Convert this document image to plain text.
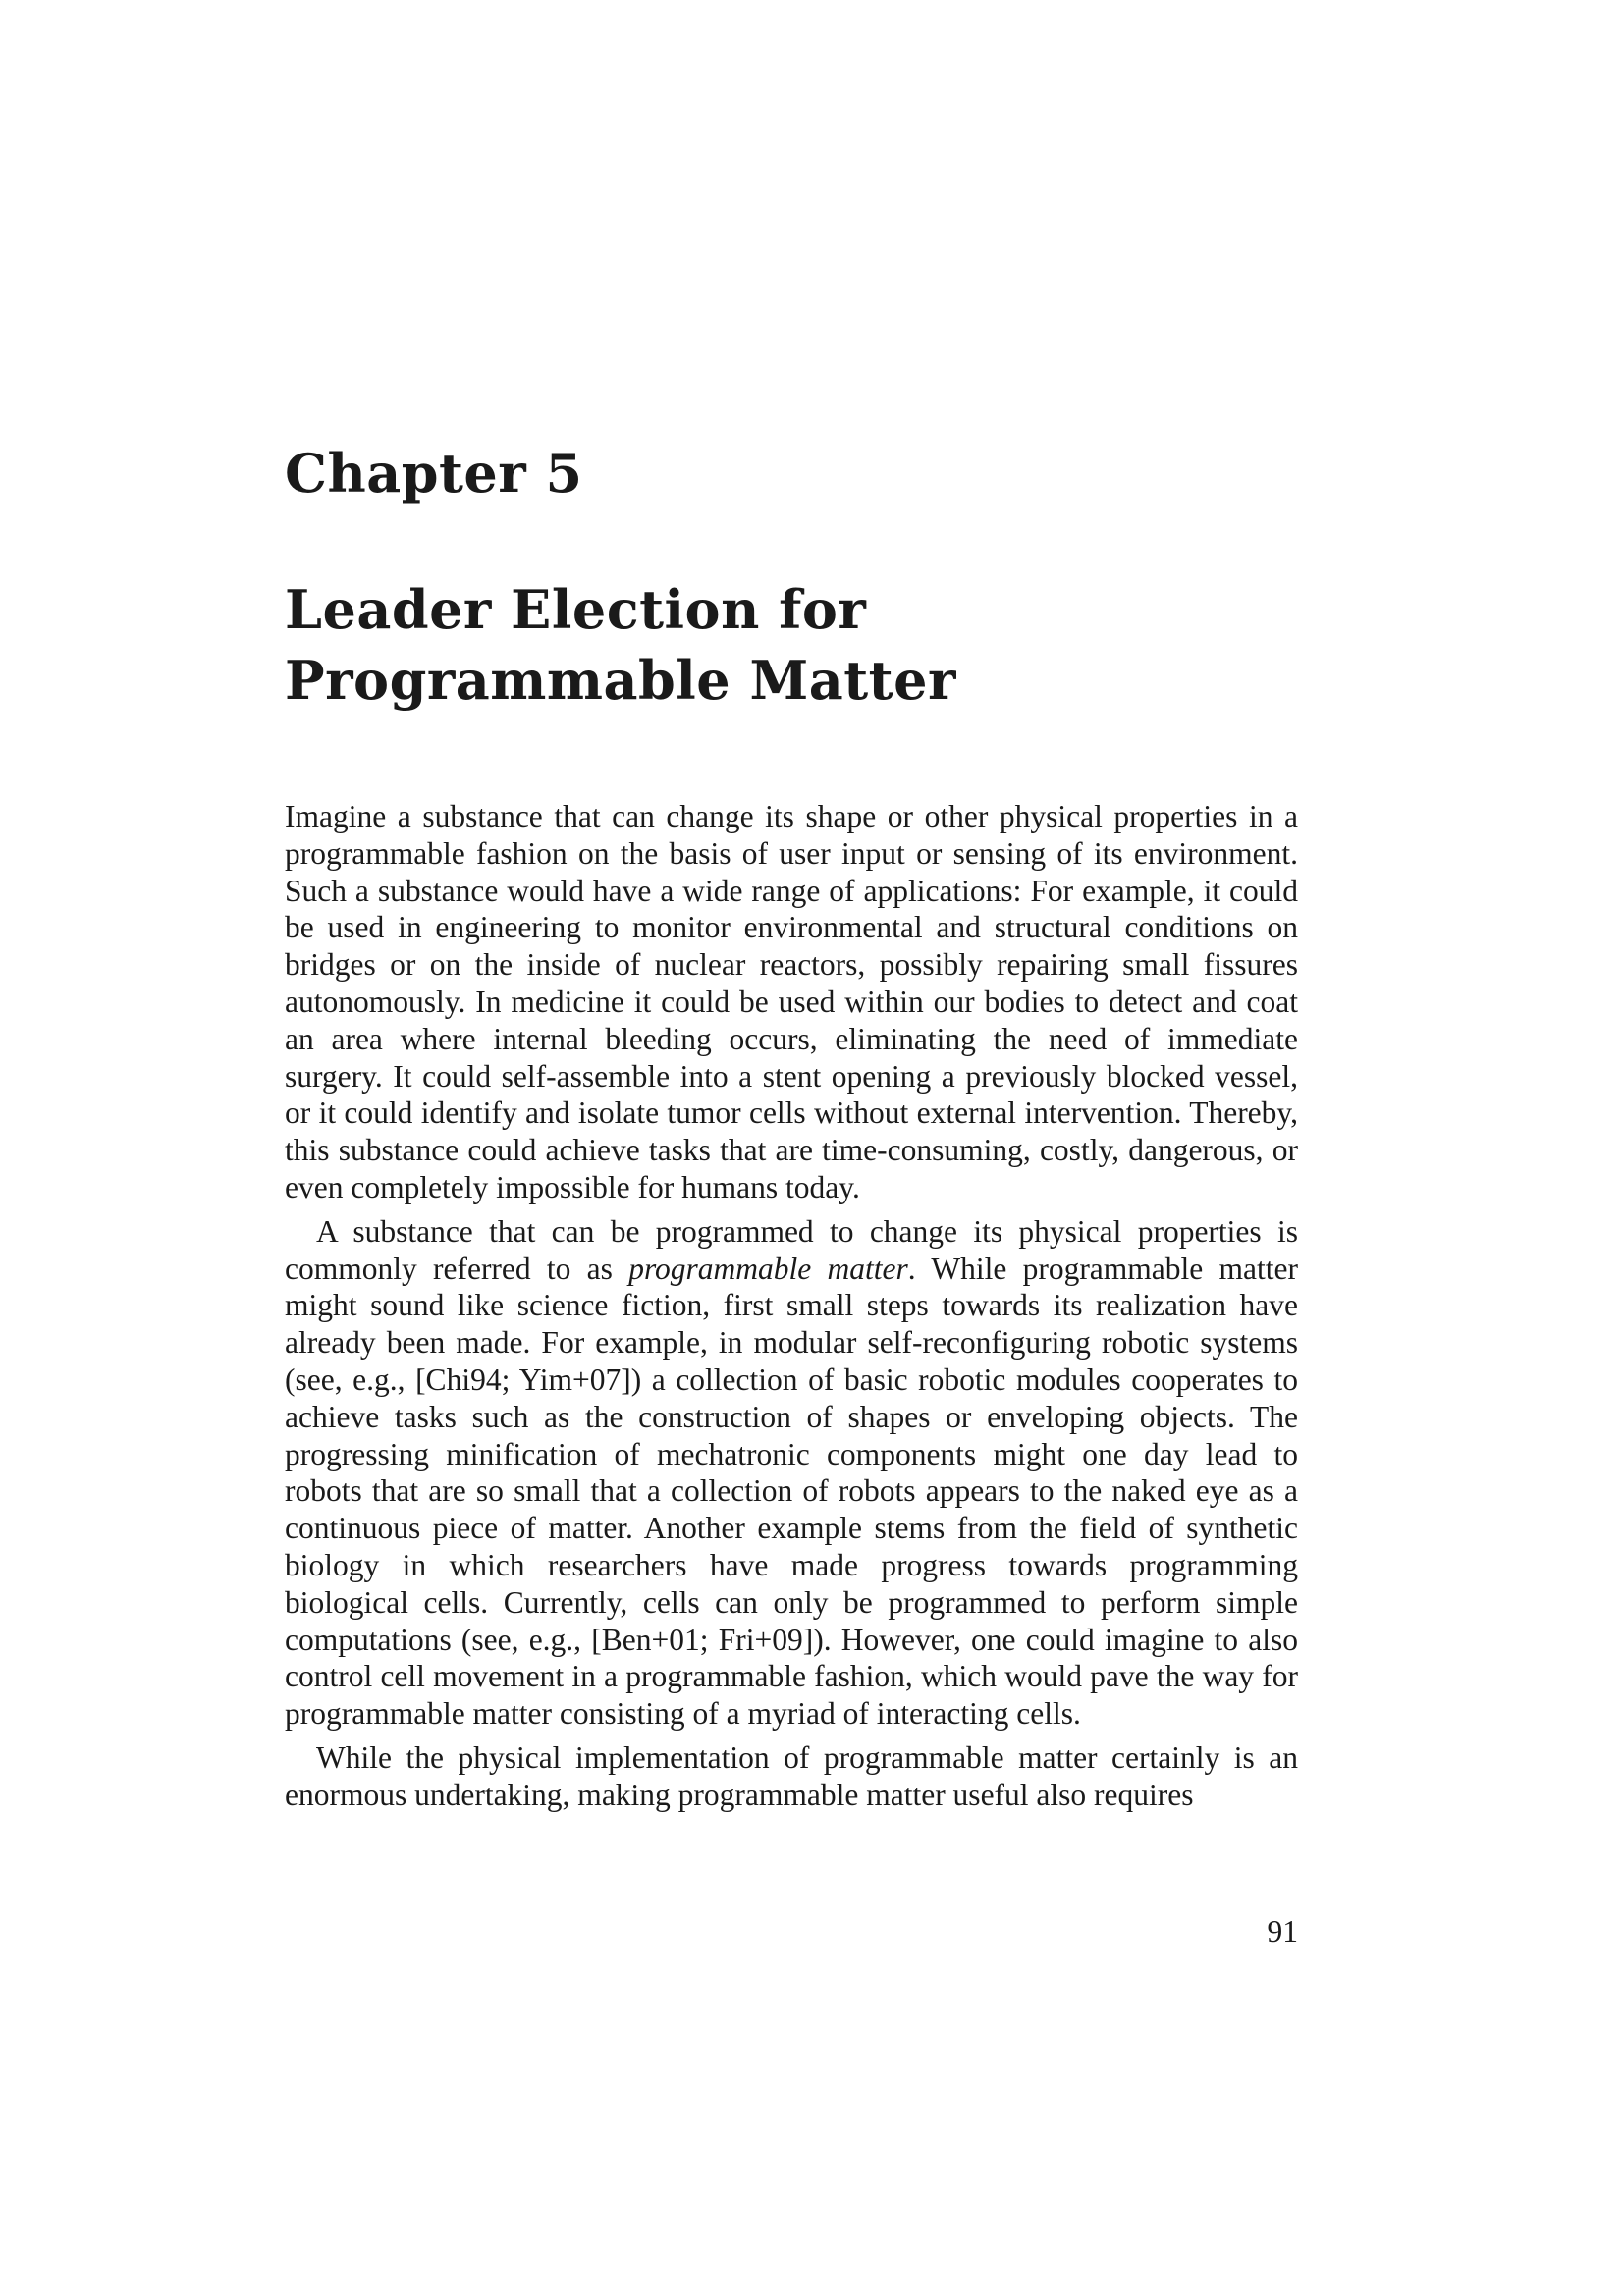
Chapter 5
Leader Election for
Programmable Matter

Imagine a substance that can change its shape or other physical properties in a programmable fashion on the basis of user input or sensing of its environment. Such a substance would have a wide range of applications: For example, it could be used in engineering to monitor environmental and structural conditions on bridges or on the inside of nuclear reactors, possibly repairing small fissures autonomously. In medicine it could be used within our bodies to detect and coat an area where internal bleeding occurs, eliminating the need of immediate surgery. It could self-assemble into a stent opening a previously blocked vessel, or it could identify and isolate tumor cells without external intervention. Thereby, this substance could achieve tasks that are time-consuming, costly, dangerous, or even completely impossible for humans today.

A substance that can be programmed to change its physical properties is commonly referred to as programmable matter. While programmable matter might sound like science fiction, first small steps towards its realization have already been made. For example, in modular self-reconfiguring robotic systems (see, e.g., [Chi94; Yim+07]) a collection of basic robotic modules cooperates to achieve tasks such as the construction of shapes or enveloping objects. The progressing minification of mechatronic components might one day lead to robots that are so small that a collection of robots appears to the naked eye as a continuous piece of matter. Another example stems from the field of synthetic biology in which researchers have made progress towards programming biological cells. Currently, cells can only be programmed to perform simple computations (see, e.g., [Ben+01; Fri+09]). However, one could imagine to also control cell movement in a programmable fashion, which would pave the way for programmable matter consisting of a myriad of interacting cells.

While the physical implementation of programmable matter certainly is an enormous undertaking, making programmable matter useful also requires

91
